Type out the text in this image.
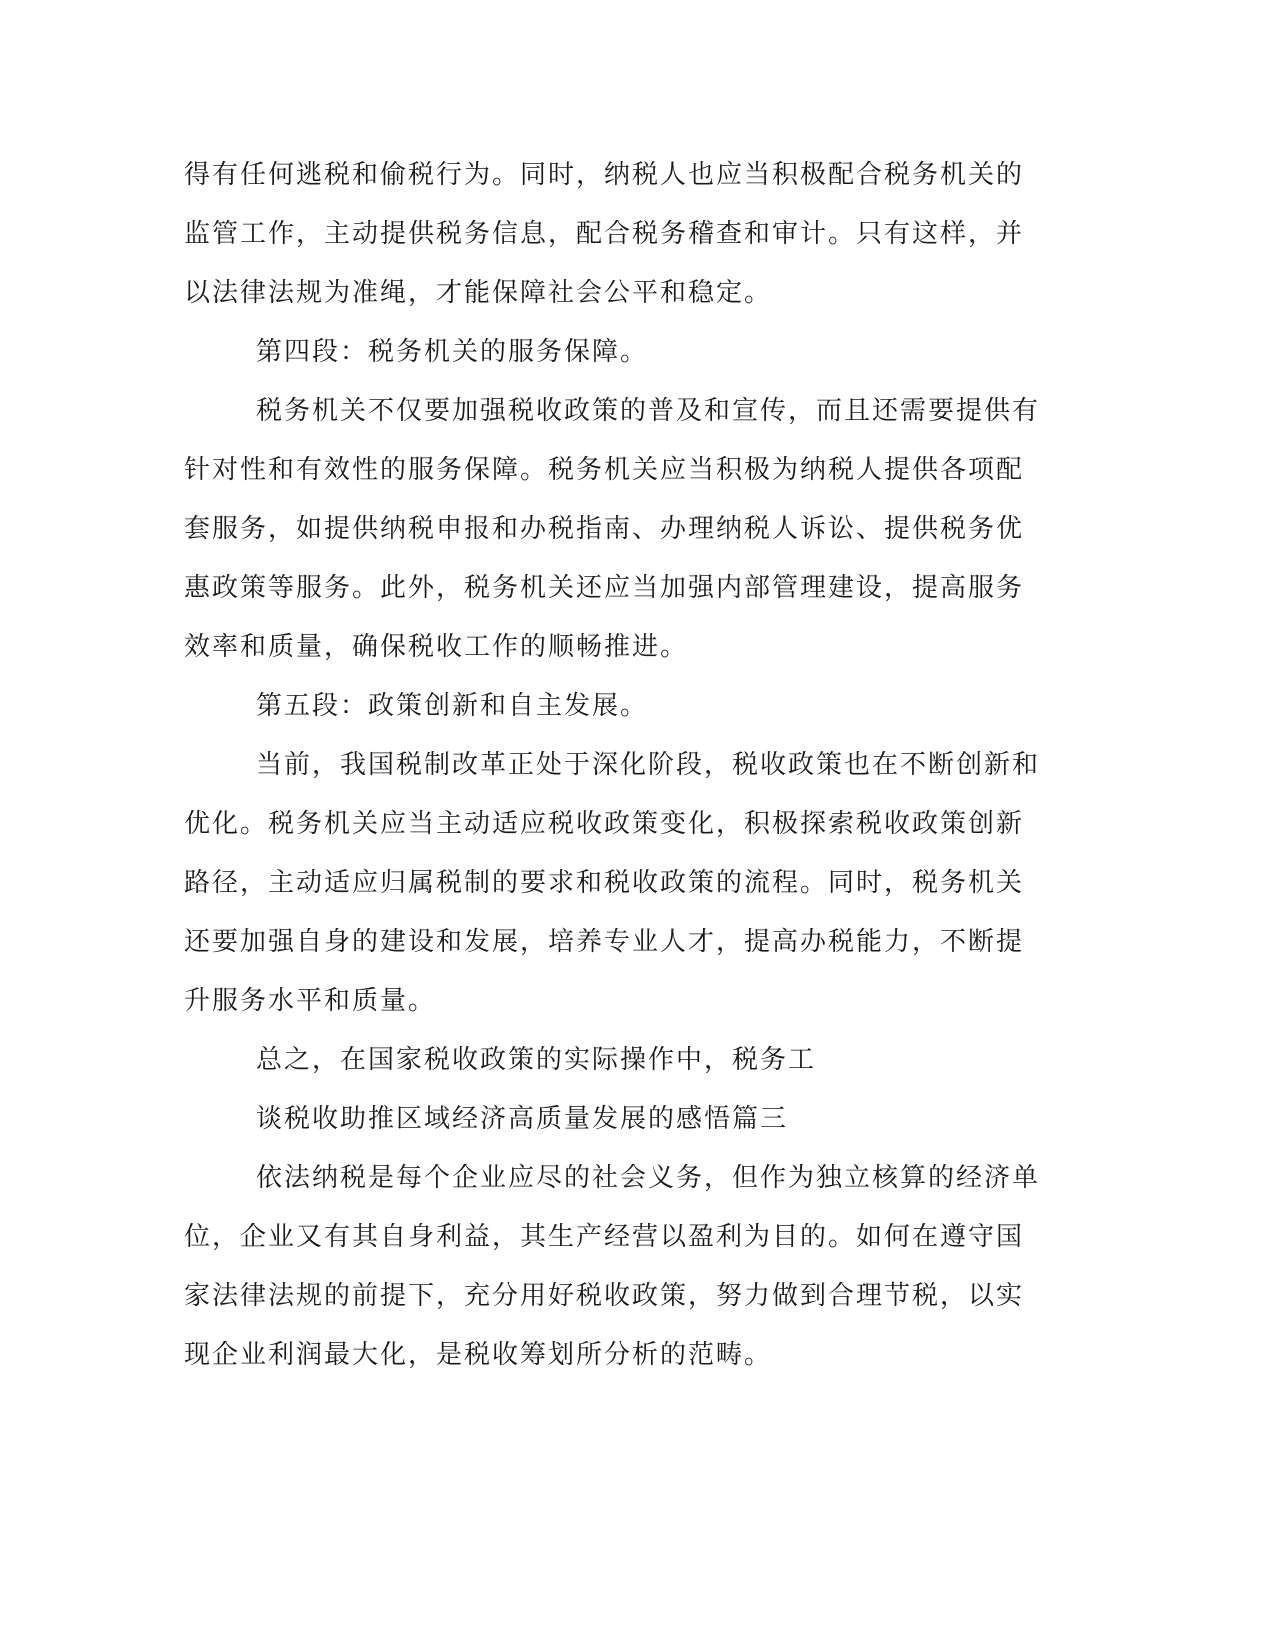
得有任何逃税和偷税行为。同时，纳税人也应当积极配合税务机关的
监管工作，主动提供税务信息，配合税务稽查和审计。只有这样，并
以法律法规为准绳，才能保障社会公平和稳定。
第四段：税务机关的服务保障。
税务机关不仅要加强税收政策的普及和宣传，而且还需要提供有
针对性和有效性的服务保障。税务机关应当积极为纳税人提供各项配
套服务，如提供纳税申报和办税指南、办理纳税人诉讼、提供税务优
惠政策等服务。此外，税务机关还应当加强内部管理建设，提高服务
效率和质量，确保税收工作的顺畅推进。
第五段：政策创新和自主发展。
当前，我国税制改革正处于深化阶段，税收政策也在不断创新和
优化。税务机关应当主动适应税收政策变化，积极探索税收政策创新
路径，主动适应归属税制的要求和税收政策的流程。同时，税务机关
还要加强自身的建设和发展，培养专业人才，提高办税能力，不断提
升服务水平和质量。
总之，在国家税收政策的实际操作中，税务工
谈税收助推区域经济高质量发展的感悟篇三
依法纳税是每个企业应尽的社会义务，但作为独立核算的经济单
位，企业又有其自身利益，其生产经营以盈利为目的。如何在遵守国
家法律法规的前提下，充分用好税收政策，努力做到合理节税，以实
现企业利润最大化，是税收筹划所分析的范畴。
